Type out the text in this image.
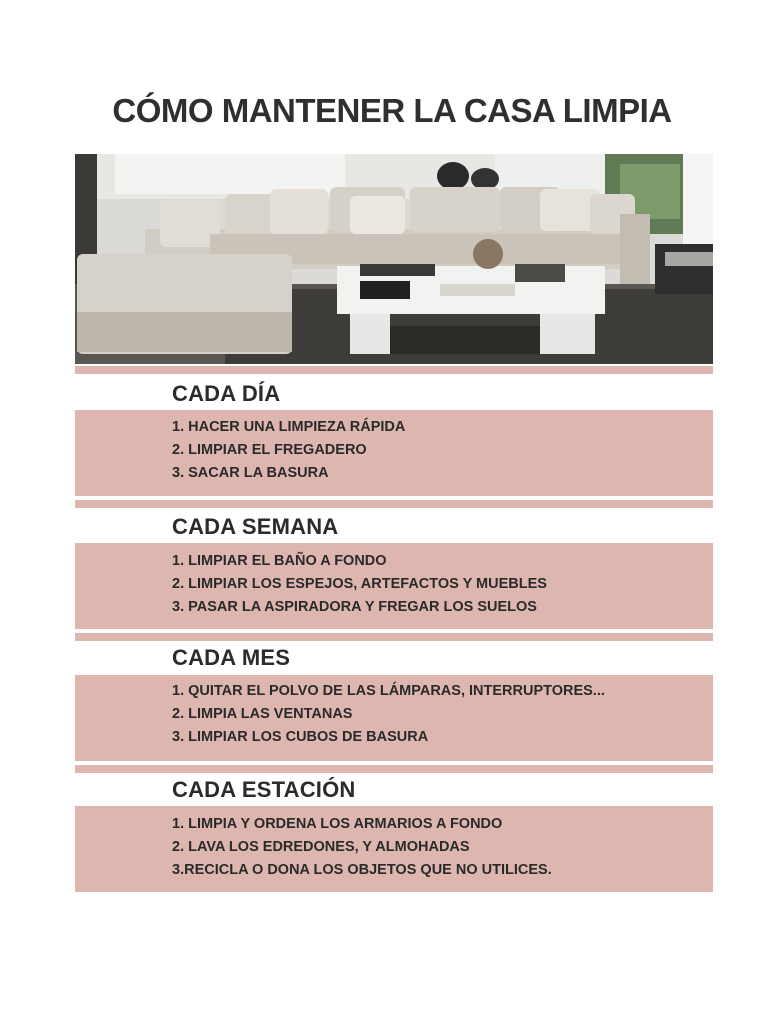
CÓMO MANTENER LA CASA LIMPIA
CADA DÍA
1. HACER UNA LIMPIEZA RÁPIDA
2. LIMPIAR EL FREGADERO
3. SACAR LA BASURA
CADA SEMANA
1. LIMPIAR EL BAÑO A FONDO
2. LIMPIAR LOS ESPEJOS, ARTEFACTOS Y MUEBLES
3. PASAR LA ASPIRADORA Y FREGAR LOS SUELOS
CADA MES
1. QUITAR EL POLVO DE LAS LÁMPARAS, INTERRUPTORES...
2. LIMPIA LAS VENTANAS
3. LIMPIAR LOS CUBOS DE BASURA
CADA ESTACIÓN
1. LIMPIA Y ORDENA LOS ARMARIOS A FONDO
2. LAVA LOS EDREDONES, Y ALMOHADAS
3.RECICLA O DONA LOS OBJETOS QUE NO UTILICES.
